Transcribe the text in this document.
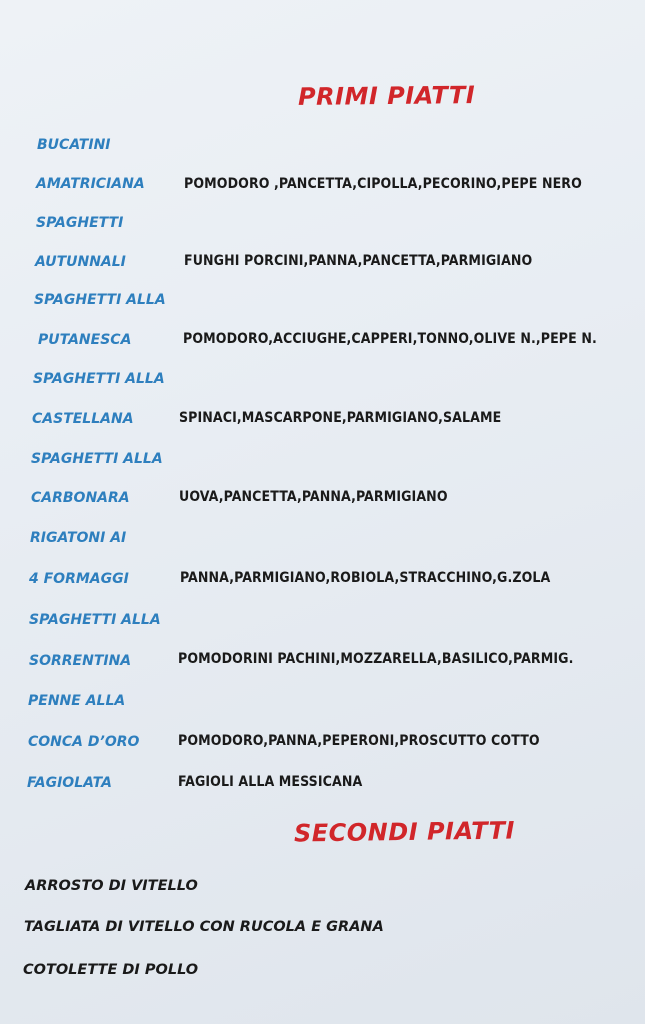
PRIMI PIATTI
BUCATINI
AMATRICIANA
SPAGHETTI
AUTUNNALI
SPAGHETTI ALLA
PUTANESCA
SPAGHETTI ALLA
CASTELLANA
SPAGHETTI ALLA
CARBONARA
RIGATONI AI
4 FORMAGGI
SPAGHETTI ALLA
SORRENTINA
PENNE ALLA
CONCA D’ORO
FAGIOLATA
POMODORO ,PANCETTA,CIPOLLA,PECORINO,PEPE NERO
FUNGHI PORCINI,PANNA,PANCETTA,PARMIGIANO
POMODORO,ACCIUGHE,CAPPERI,TONNO,OLIVE N.,PEPE N.
SPINACI,MASCARPONE,PARMIGIANO,SALAME
UOVA,PANCETTA,PANNA,PARMIGIANO
PANNA,PARMIGIANO,ROBIOLA,STRACCHINO,G.ZOLA
POMODORINI PACHINI,MOZZARELLA,BASILICO,PARMIG.
POMODORO,PANNA,PEPERONI,PROSCUTTO COTTO
FAGIOLI ALLA MESSICANA
SECONDI PIATTI
ARROSTO DI VITELLO
TAGLIATA DI VITELLO CON RUCOLA E GRANA
COTOLETTE DI POLLO
